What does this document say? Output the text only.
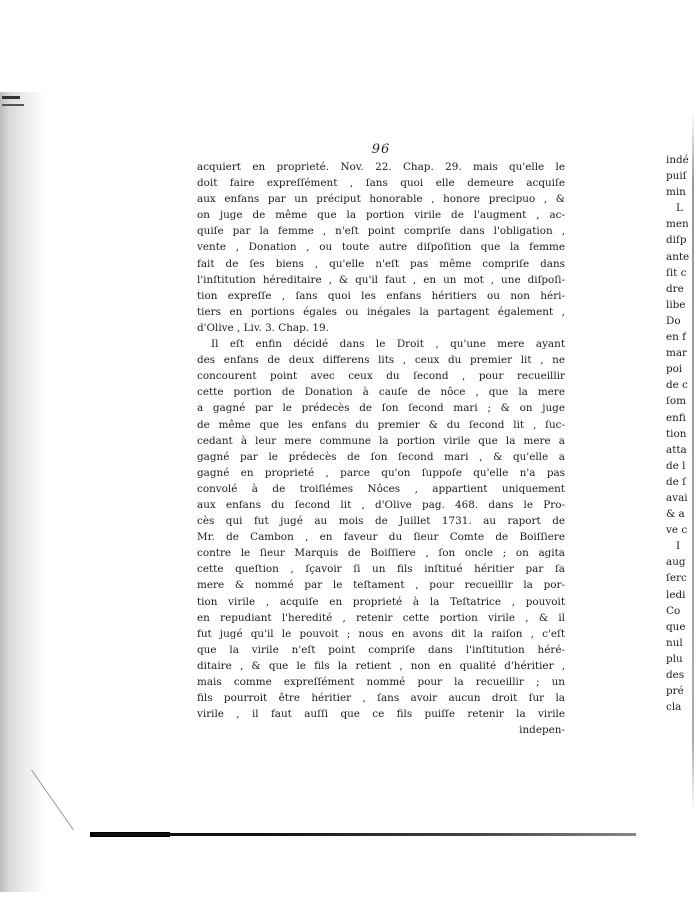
96
acquiert en proprieté. Nov. 22. Chap. 29. mais qu'elle le
doit faire expreſſément , ſans quoi elle demeure acquiſe
aux enfans par un préciput honorable , honore precipuo , &
on juge de même que la portion virile de l'augment , ac-
quiſe par la femme , n'eſt point compriſe dans l'obligation ,
vente , Donation , ou toute autre diſpoſition que la femme
fait de ſes biens , qu'elle n'eſt pas même compriſe dans
l'inſtitution héreditaire , & qu'il faut , en un mot , une diſpoſi-
tion expreſſe , ſans quoi les enfans héritiers ou non héri-
tiers en portions égales ou inégales la partagent également ,
d'Olive , Liv. 3. Chap. 19.
Il eſt enfin décidé dans le Droit , qu'une mere ayant
des enfans de deux differens lits , ceux du premier lit , ne
concourent point avec ceux du ſecond , pour recueillir
cette portion de Donation à cauſe de nôce , que la mere
a gagné par le prédecès de ſon ſecond mari ; & on juge
de même que les enfans du premier & du ſecond lit , ſuc-
cedant à leur mere commune la portion virile que la mere a
gagné par le prédecès de ſon ſecond mari , & qu'elle a
gagné en proprieté , parce qu'on ſuppoſe qu'elle n'a pas
convolé à de troiſiémes Nôces , appartient uniquement
aux enfans du ſecond lit , d'Olive pag. 468. dans le Pro-
cès qui fut jugé au mois de Juillet 1731. au raport de
Mr. de Cambon , en faveur du ſieur Comte de Boiſſiere
contre le ſieur Marquis de Boiſſiere , ſon oncle ; on agita
cette queſtion , ſçavoir ſi un fils inſtitué héritier par ſa
mere & nommé par le teſtament , pour recueillir la por-
tion virile , acquiſe en proprieté à la Teſtatrice , pouvoit
en repudiant l'heredité , retenir cette portion virile , & il
fut jugé qu'il le pouvoit ; nous en avons dit la raiſon , c'eſt
que la virile n'eſt point compriſe dans l'inſtitution héré-
ditaire , & que le fils la retient , non en qualité d'héritier ,
mais comme expreſſément nommé pour la recueillir ; un
fils pourroit être héritier , ſans avoir aucun droit ſur la
virile , il faut auſſi que ce fils puiſſe retenir la virile
indepen-
indé
puiſ
min
L
men
diſp
ante
ſit c
dre
libe
Do
en f
mar
poi
de c
ſom
enfi
tion
atta
de l
de ſ
avai
& a
ve c
I
aug
ſerc
ledi
Co
que
nul
plu
des
pré
cla
